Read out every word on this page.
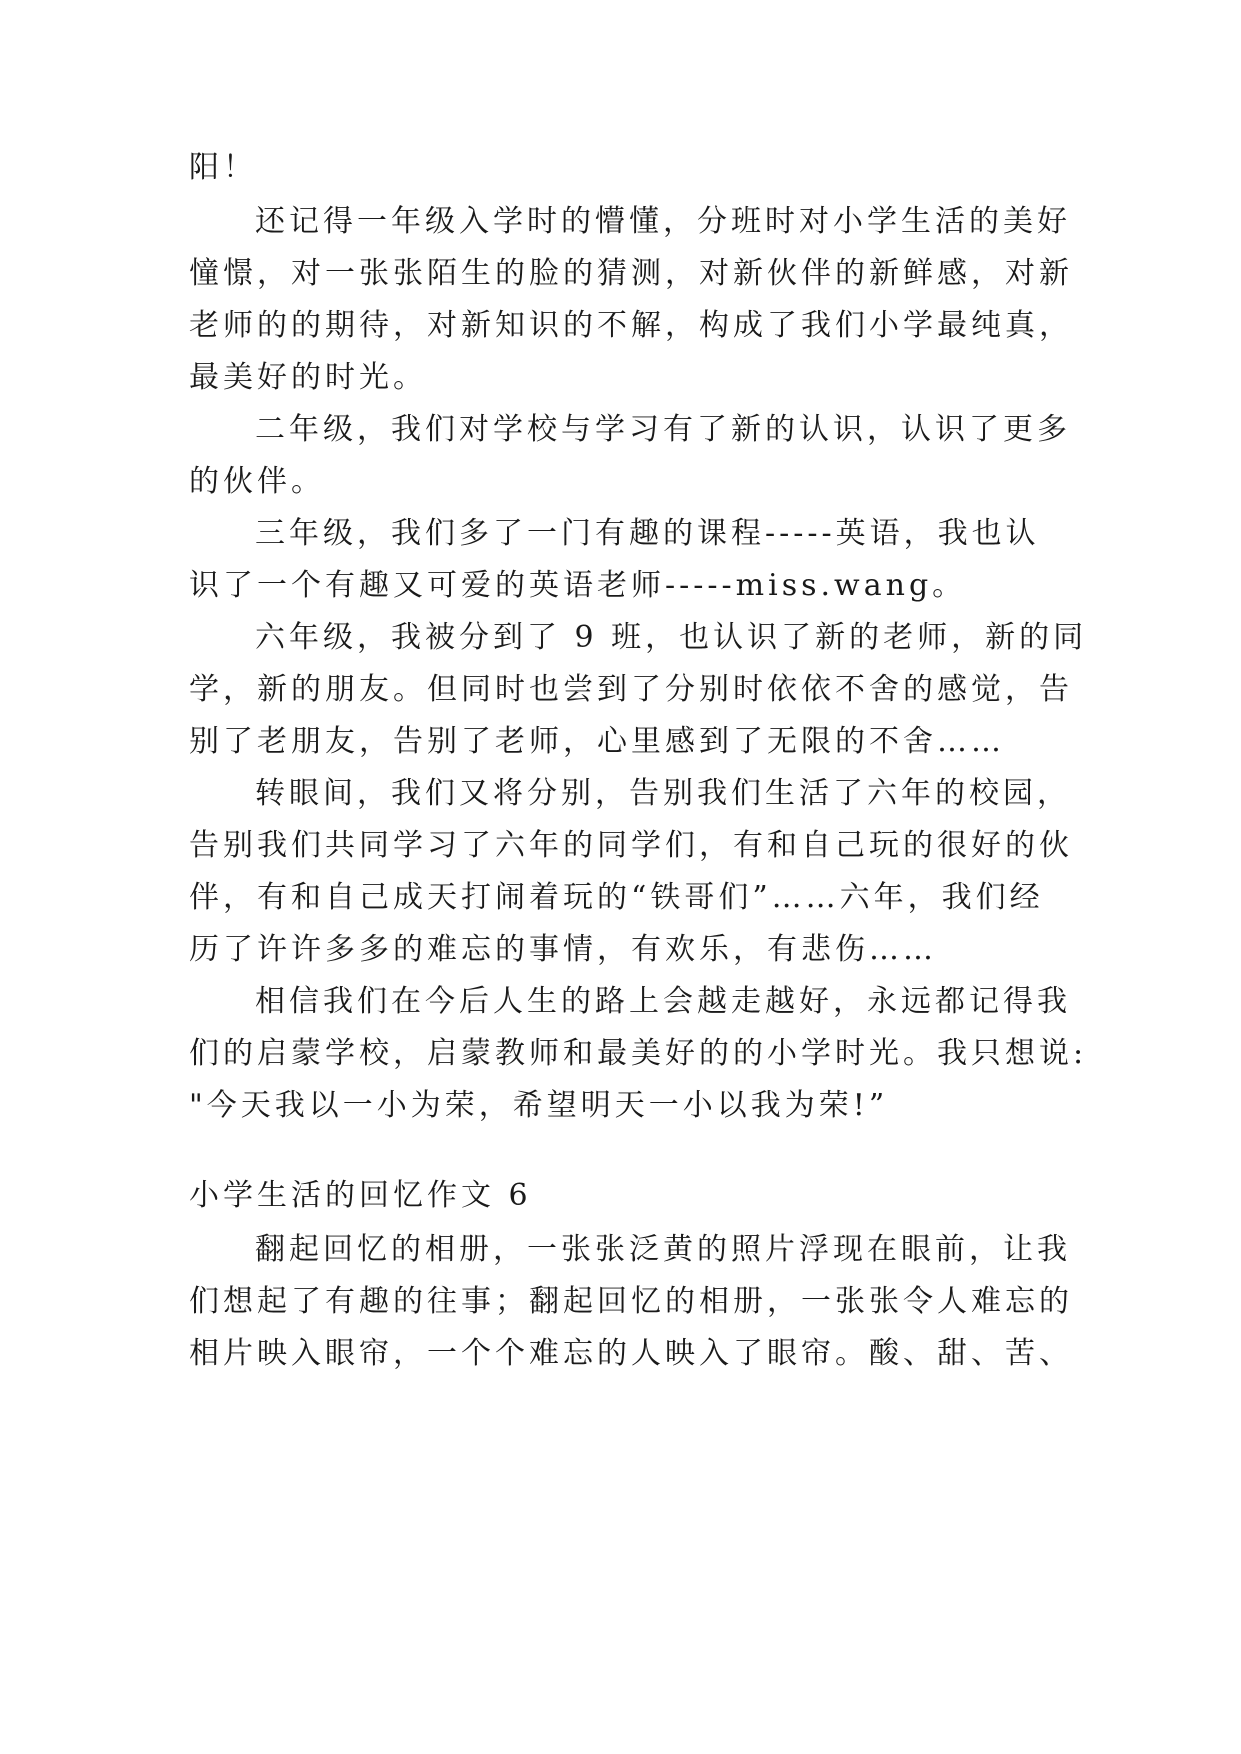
阳！
还记得一年级入学时的懵懂，分班时对小学生活的美好
憧憬，对一张张陌生的脸的猜测，对新伙伴的新鲜感，对新
老师的的期待，对新知识的不解，构成了我们小学最纯真，
最美好的时光。
二年级，我们对学校与学习有了新的认识，认识了更多
的伙伴。
三年级，我们多了一门有趣的课程-----英语，我也认
识了一个有趣又可爱的英语老师-----miss.wang。
六年级，我被分到了 9 班，也认识了新的老师，新的同
学，新的朋友。但同时也尝到了分别时依依不舍的感觉，告
别了老朋友，告别了老师，心里感到了无限的不舍……
转眼间，我们又将分别，告别我们生活了六年的校园，
告别我们共同学习了六年的同学们，有和自己玩的很好的伙
伴，有和自己成天打闹着玩的“铁哥们”……六年，我们经
历了许许多多的难忘的事情，有欢乐，有悲伤……
相信我们在今后人生的路上会越走越好，永远都记得我
们的启蒙学校，启蒙教师和最美好的的小学时光。我只想说:
"今天我以一小为荣，希望明天一小以我为荣!”
小学生活的回忆作文 6
翻起回忆的相册，一张张泛黄的照片浮现在眼前，让我
们想起了有趣的往事；翻起回忆的相册，一张张令人难忘的
相片映入眼帘，一个个难忘的人映入了眼帘。酸、甜、苦、
